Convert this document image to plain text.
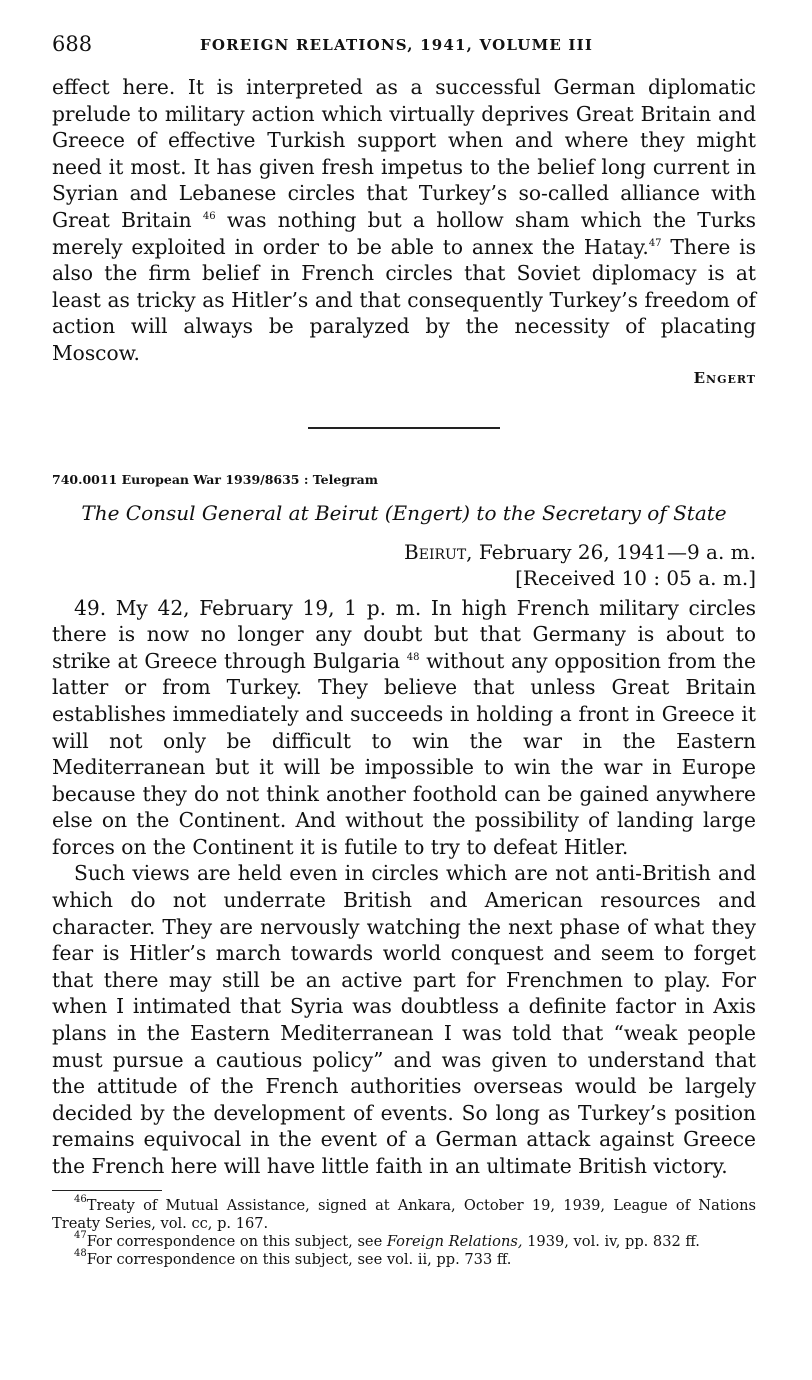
688	FOREIGN RELATIONS, 1941, VOLUME III

effect here. It is interpreted as a successful German diplomatic prelude to military action which virtually deprives Great Britain and Greece of effective Turkish support when and where they might need it most. It has given fresh impetus to the belief long current in Syrian and Lebanese circles that Turkey’s so-called alliance with Great Britain $^{46}$ was nothing but a hollow sham which the Turks merely exploited in order to be able to annex the Hatay.$^{47}$ There is also the firm belief in French circles that Soviet diplomacy is at least as tricky as Hitler’s and that consequently Turkey’s freedom of action will always be paralyzed by the necessity of placating Moscow.

Engert
740.0011 European War 1939/8635 : Telegram
The Consul General at Beirut (Engert) to the Secretary of State
Beirut, February 26, 1941—9 a. m.
[Received 10 : 05 a. m.]

49. My 42, February 19, 1 p. m. In high French military circles there is now no longer any doubt but that Germany is about to strike at Greece through Bulgaria $^{48}$ without any opposition from the latter or from Turkey. They believe that unless Great Britain establishes immediately and succeeds in holding a front in Greece it will not only be difficult to win the war in the Eastern Mediterranean but it will be impossible to win the war in Europe because they do not think another foothold can be gained anywhere else on the Continent. And without the possibility of landing large forces on the Continent it is futile to try to defeat Hitler.

Such views are held even in circles which are not anti-British and which do not underrate British and American resources and character. They are nervously watching the next phase of what they fear is Hitler’s march towards world conquest and seem to forget that there may still be an active part for Frenchmen to play. For when I intimated that Syria was doubtless a definite factor in Axis plans in the Eastern Mediterranean I was told that “weak people must pursue a cautious policy” and was given to understand that the attitude of the French authorities overseas would be largely decided by the development of events. So long as Turkey’s position remains equivocal in the event of a German attack against Greece the French here will have little faith in an ultimate British victory.

$^{46}$Treaty of Mutual Assistance, signed at Ankara, October 19, 1939, League of Nations Treaty Series, vol. cc, p. 167.

$^{47}$For correspondence on this subject, see Foreign Relations, 1939, vol. iv, pp. 832 ff.

$^{48}$For correspondence on this subject, see vol. ii, pp. 733 ff.
